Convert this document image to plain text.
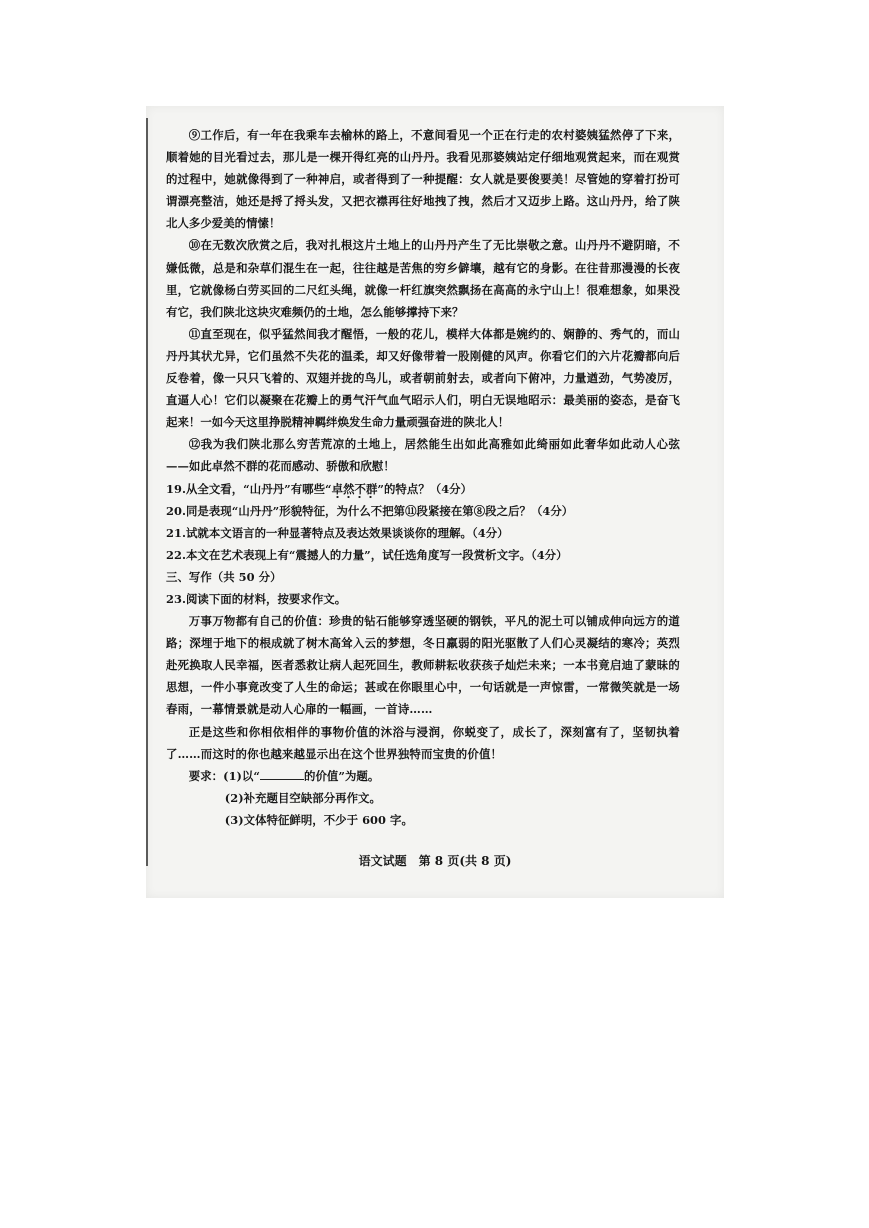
⑨工作后，有一年在我乘车去榆林的路上，不意间看见一个正在行走的农村婆姨猛然停了下来，顺着她的目光看过去，那儿是一棵开得红亮的山丹丹。我看见那婆姨站定仔细地观赏起来，而在观赏的过程中，她就像得到了一种神启，或者得到了一种提醒：女人就是要俊要美！尽管她的穿着打扮可谓漂亮整洁，她还是捋了捋头发，又把衣襟再往好地拽了拽，然后才又迈步上路。这山丹丹，给了陕北人多少爱美的情愫！

⑩在无数次欣赏之后，我对扎根这片土地上的山丹丹产生了无比崇敬之意。山丹丹不避阴暗，不嫌低微，总是和杂草们混生在一起，往往越是苦焦的穷乡僻壤，越有它的身影。在往昔那漫漫的长夜里，它就像杨白劳买回的二尺红头绳，就像一杆红旗突然飘扬在高高的永宁山上！很难想象，如果没有它，我们陕北这块灾难频仍的土地，怎么能够撑持下来？

⑪直至现在，似乎猛然间我才醒悟，一般的花儿，模样大体都是婉约的、娴静的、秀气的，而山丹丹其状尤异，它们虽然不失花的温柔，却又好像带着一股刚健的风声。你看它们的六片花瓣都向后反卷着，像一只只飞着的、双翅并拢的鸟儿，或者朝前射去，或者向下俯冲，力量遒劲，气势凌厉，直逼人心！它们以凝聚在花瓣上的勇气汗气血气昭示人们，明白无误地昭示：最美丽的姿态，是奋飞起来！一如今天这里挣脱精神羁绊焕发生命力量顽强奋进的陕北人！

⑫我为我们陕北那么穷苦荒凉的土地上，居然能生出如此高雅如此绮丽如此奢华如此动人心弦——如此卓然不群的花而感动、骄傲和欣慰！

19.从全文看，“山丹丹”有哪些“卓然不群”的特点？（4分）

20.同是表现“山丹丹”形貌特征，为什么不把第⑪段紧接在第⑧段之后？（4分）

21.试就本文语言的一种显著特点及表达效果谈谈你的理解。（4分）

22.本文在艺术表现上有“震撼人的力量”，试任选角度写一段赏析文字。（4分）

三、写作（共 50 分）

23.阅读下面的材料，按要求作文。

万事万物都有自己的价值：珍贵的钻石能够穿透坚硬的钢铁，平凡的泥土可以铺成伸向远方的道路；深埋于地下的根成就了树木高耸入云的梦想，冬日羸弱的阳光驱散了人们心灵凝结的寒冷；英烈赴死换取人民幸福，医者悉救让病人起死回生，教师耕耘收获孩子灿烂未来；一本书竟启迪了蒙昧的思想，一件小事竟改变了人生的命运；甚或在你眼里心中，一句话就是一声惊雷，一常微笑就是一场春雨，一幕情景就是动人心扉的一幅画，一首诗……

正是这些和你相依相伴的事物价值的沐浴与浸润，你蜕变了，成长了，深刻富有了，坚韧执着了……而这时的你也越来越显示出在这个世界独特而宝贵的价值！

要求：(1)以“	的价值”为题。

(2)补充题目空缺部分再作文。

(3)文体特征鲜明，不少于 600 字。

语文试题　第 8 页(共 8 页)
